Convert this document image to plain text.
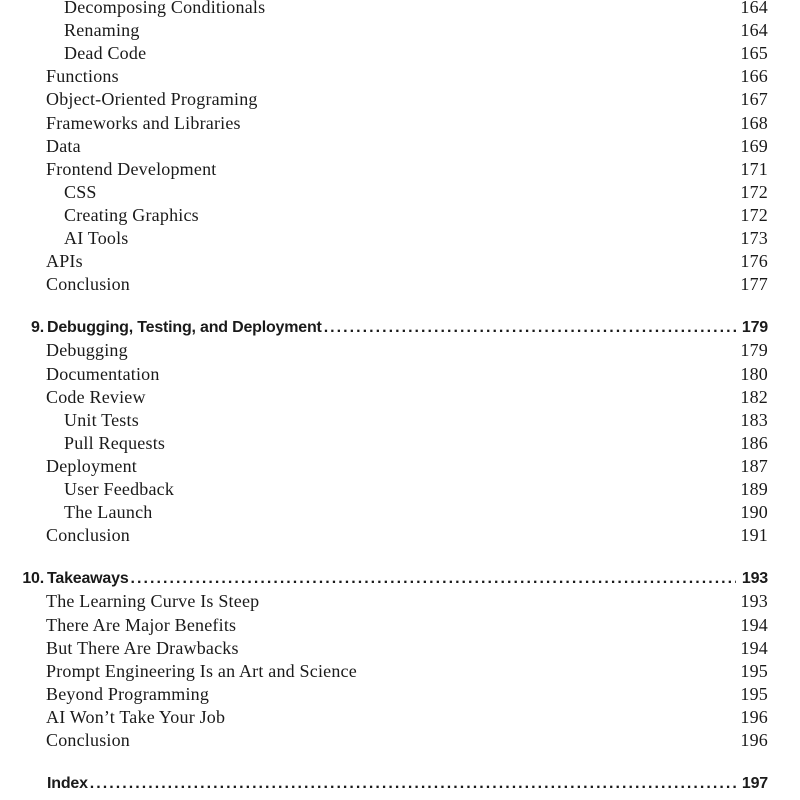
Decomposing Conditionals	164
Renaming	164
Dead Code	165
Functions	166
Object-Oriented Programing	167
Frameworks and Libraries	168
Data	169
Frontend Development	171
CSS	172
Creating Graphics	172
AI Tools	173
APIs	176
Conclusion	177
9. Debugging, Testing, and Deployment . . .	179
Debugging	179
Documentation	180
Code Review	182
Unit Tests	183
Pull Requests	186
Deployment	187
User Feedback	189
The Launch	190
Conclusion	191
10. Takeaways . . .	193
The Learning Curve Is Steep	193
There Are Major Benefits	194
But There Are Drawbacks	194
Prompt Engineering Is an Art and Science	195
Beyond Programming	195
AI Won’t Take Your Job	196
Conclusion	196
Index . . .	197
